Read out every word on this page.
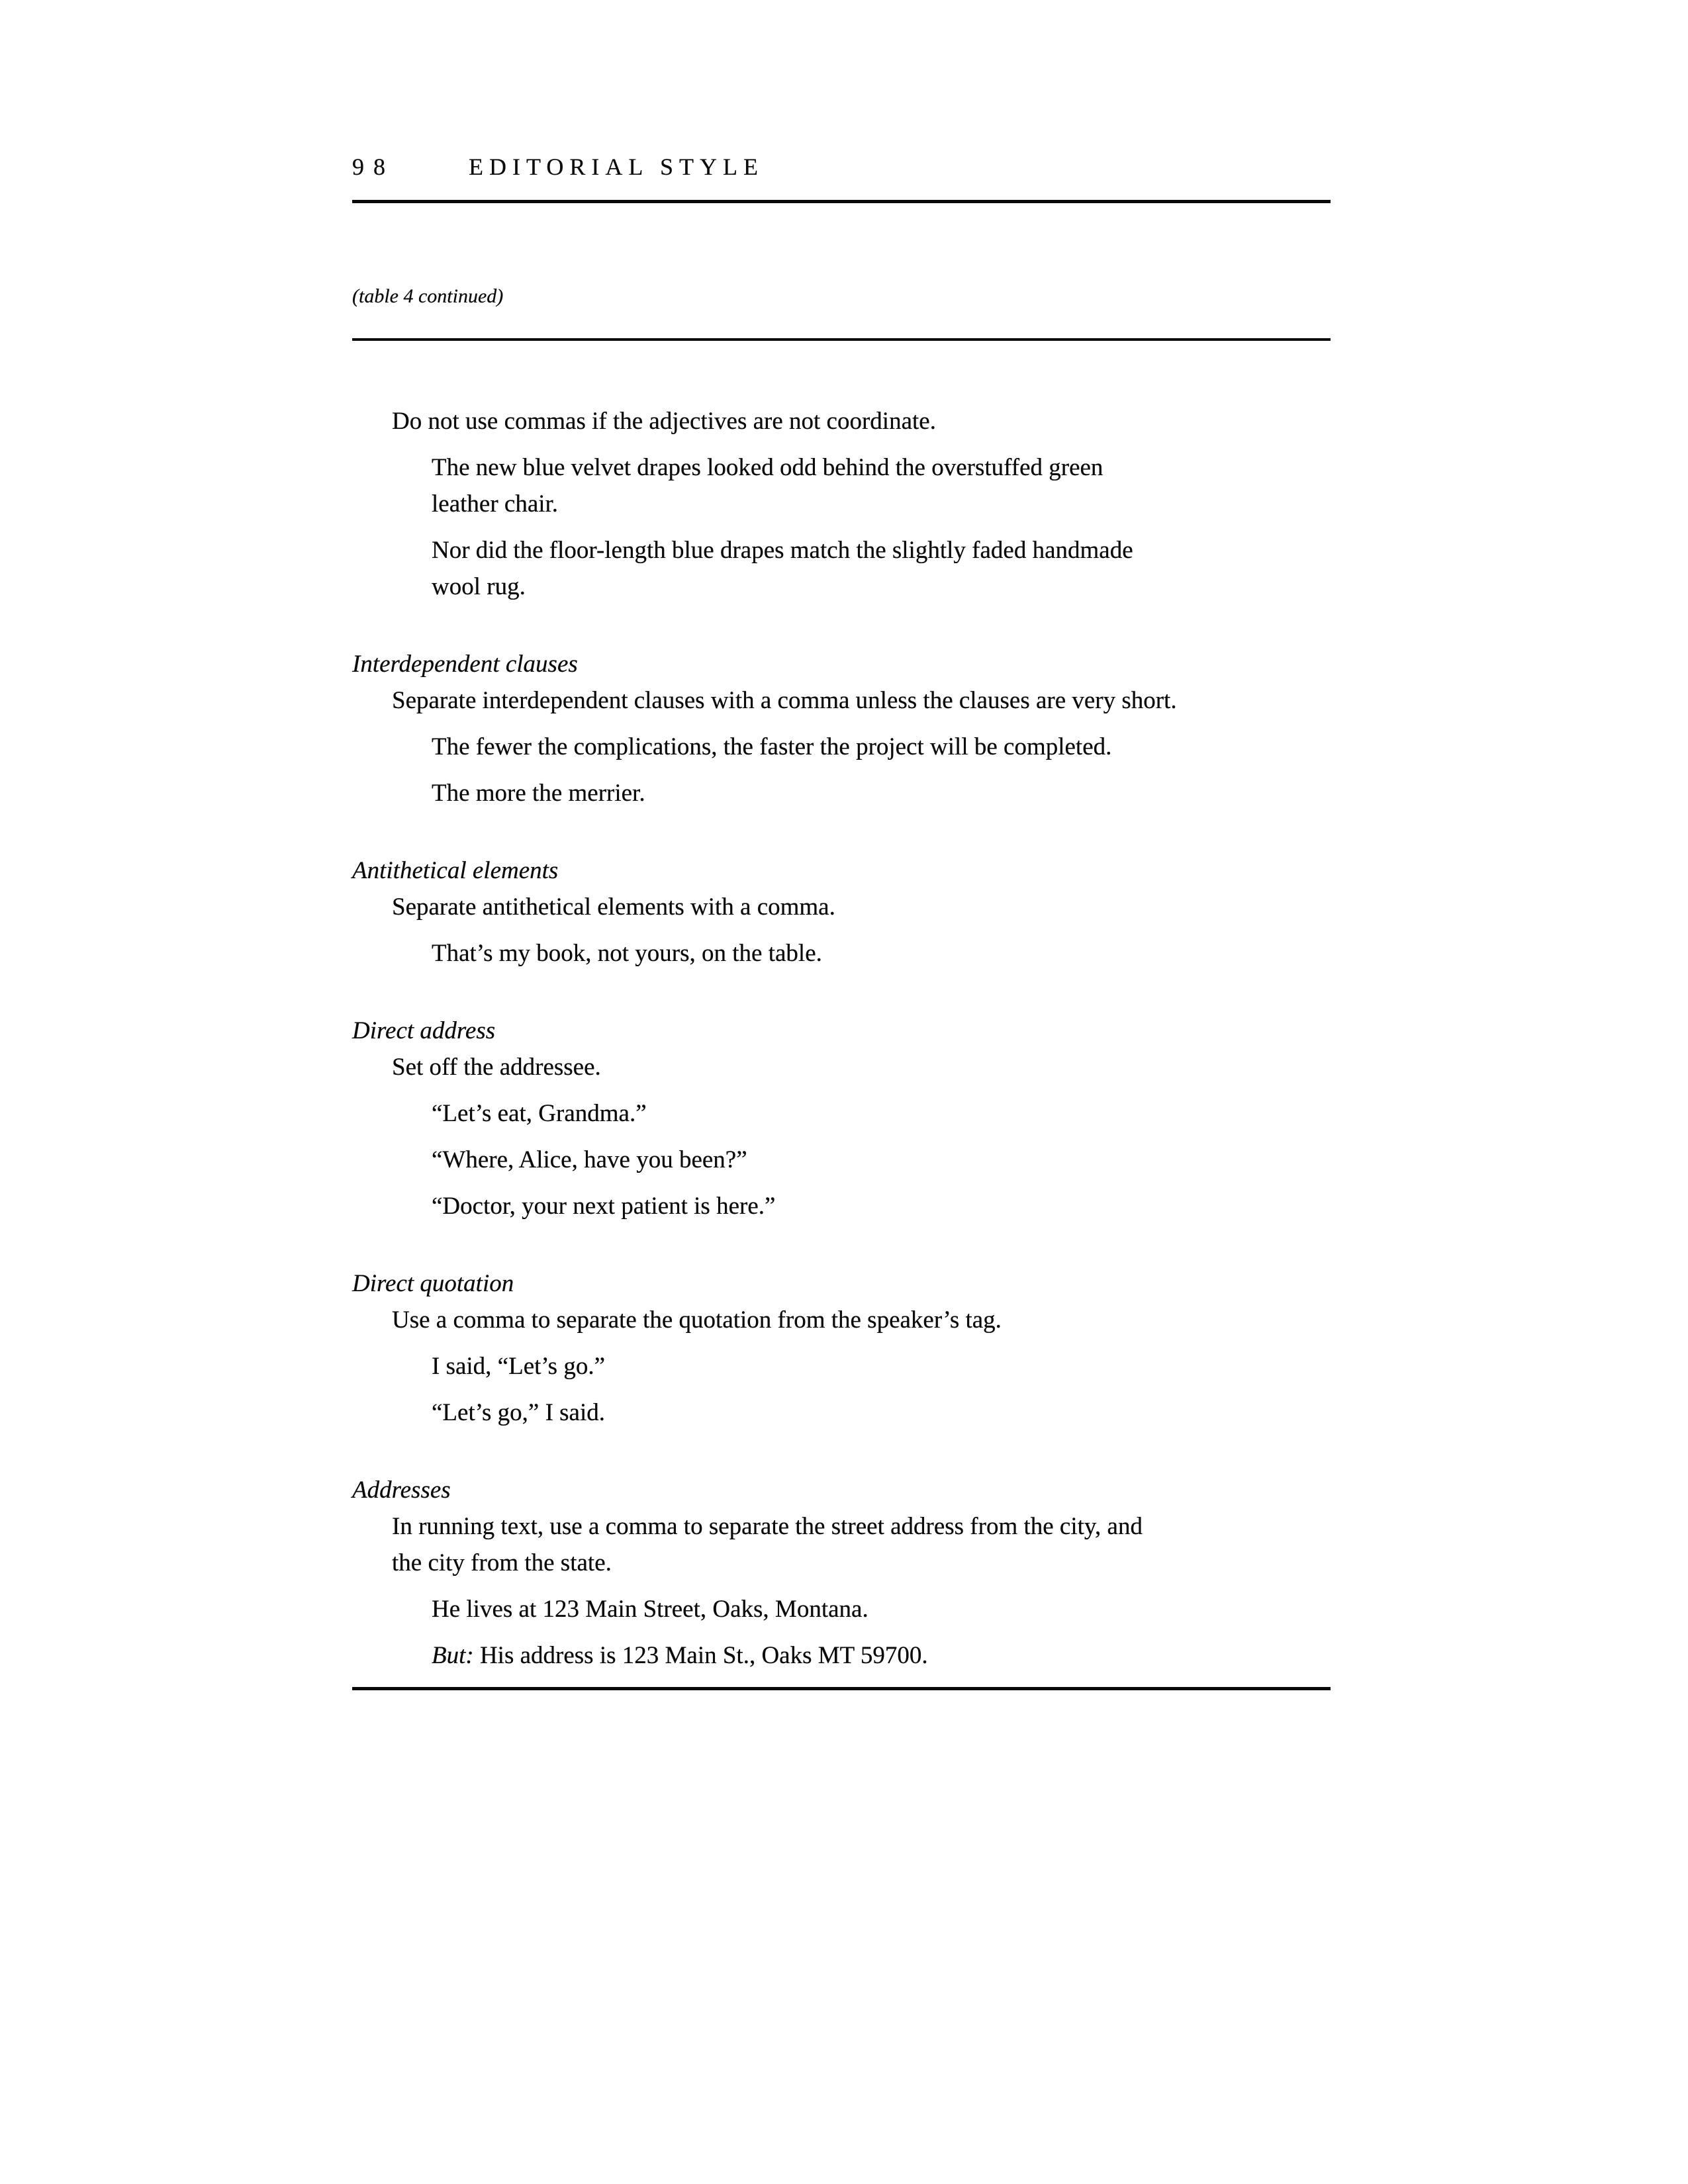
98	EDITORIAL STYLE

(table 4 continued)

Do not use commas if the adjectives are not coordinate.

The new blue velvet drapes looked odd behind the overstuffed green
leather chair.

Nor did the floor-length blue drapes match the slightly faded handmade
wool rug.

Interdependent clauses

Separate interdependent clauses with a comma unless the clauses are very short.

The fewer the complications, the faster the project will be completed.

The more the merrier.

Antithetical elements

Separate antithetical elements with a comma.

That’s my book, not yours, on the table.

Direct address

Set off the addressee.

“Let’s eat, Grandma.”

“Where, Alice, have you been?”

“Doctor, your next patient is here.”

Direct quotation

Use a comma to separate the quotation from the speaker’s tag.

I said, “Let’s go.”

“Let’s go,” I said.

Addresses

In running text, use a comma to separate the street address from the city, and
the city from the state.

He lives at 123 Main Street, Oaks, Montana.

But: His address is 123 Main St., Oaks MT 59700.
